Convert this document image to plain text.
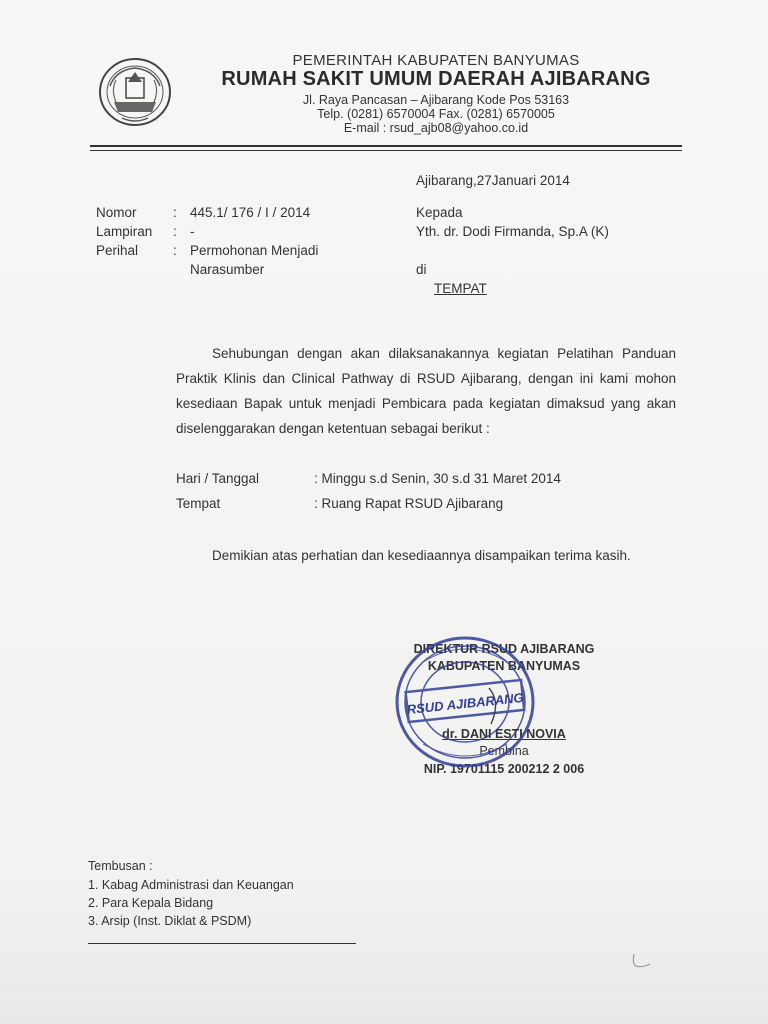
PEMERINTAH KABUPATEN BANYUMAS
RUMAH SAKIT UMUM DAERAH AJIBARANG
Jl. Raya Pancasan – Ajibarang Kode Pos 53163
Telp. (0281) 6570004 Fax. (0281) 6570005
E-mail : rsud_ajb08@yahoo.co.id
Ajibarang,27Januari 2014
Nomor	: 445.1/ 176 / I / 2014
Lampiran : -
Perihal	: Permohonan Menjadi
Narasumber
Kepada
Yth. dr. Dodi Firmanda, Sp.A (K)
di
TEMPAT
Sehubungan dengan akan dilaksanakannya kegiatan Pelatihan Panduan Praktik Klinis dan Clinical Pathway di RSUD Ajibarang, dengan ini kami mohon kesediaan Bapak untuk menjadi Pembicara pada kegiatan dimaksud yang akan diselenggarakan dengan ketentuan sebagai berikut :
Hari / Tanggal	: Minggu s.d Senin, 30 s.d 31 Maret 2014
Tempat	: Ruang Rapat RSUD Ajibarang
Demikian atas perhatian dan kesediaannya disampaikan terima kasih.
DIREKTUR RSUD AJIBARANG
KABUPATEN BANYUMAS
dr. DANI ESTI NOVIA
Pembina
NIP. 19701115 200212 2 006
RSUD AJIBARANG
Tembusan :
1. Kabag Administrasi dan Keuangan
2. Para Kepala Bidang
3. Arsip (Inst. Diklat & PSDM)
